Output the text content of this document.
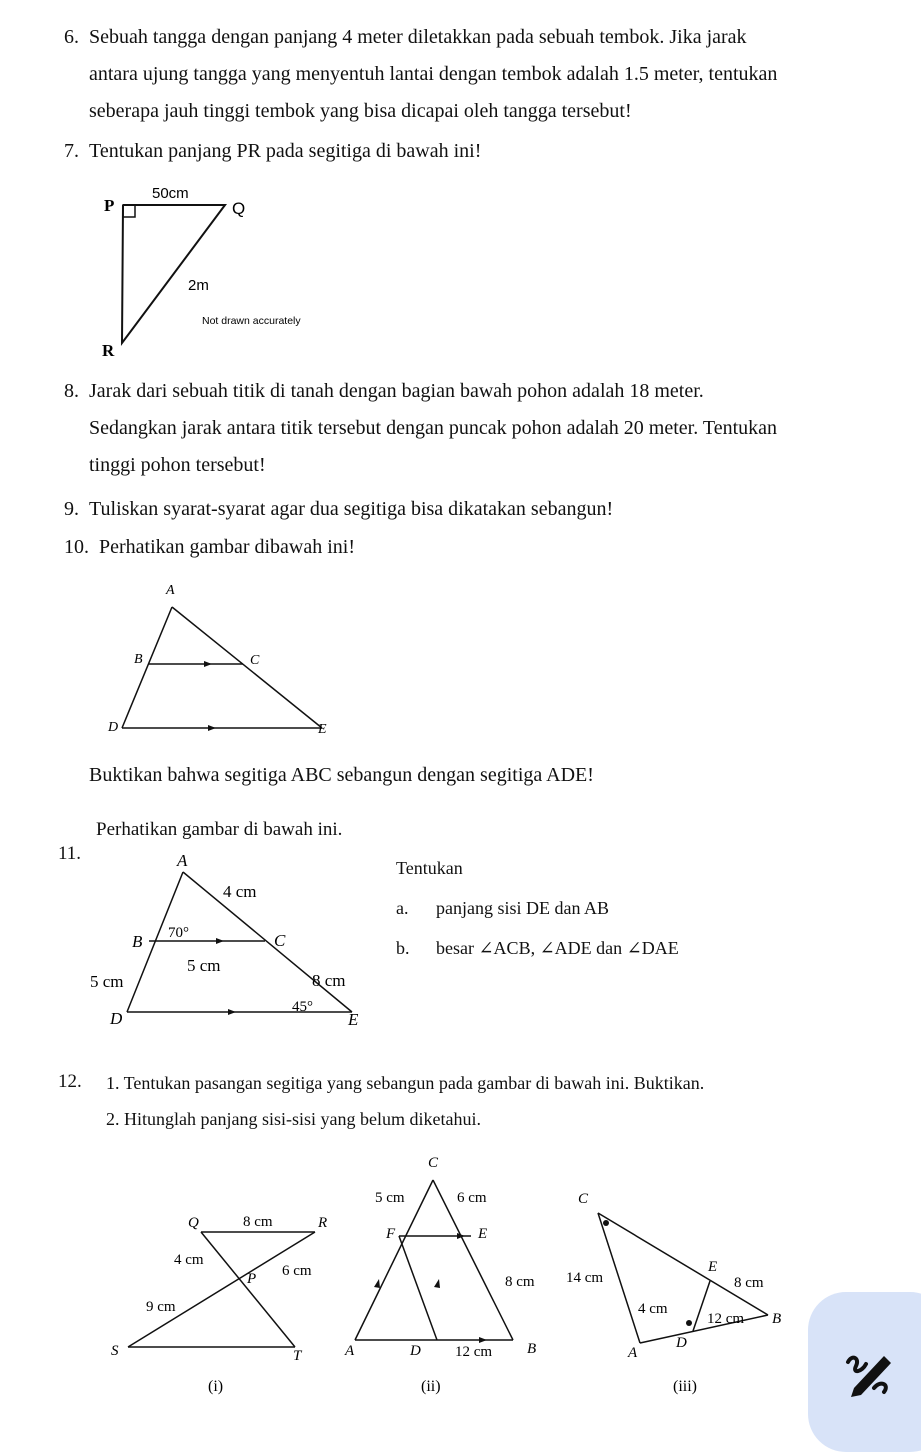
6. Sebuah tangga dengan panjang 4 meter diletakkan pada sebuah tembok. Jika jarak
antara ujung tangga yang menyentuh lantai dengan tembok adalah 1.5 meter, tentukan
seberapa jauh tinggi tembok yang bisa dicapai oleh tangga tersebut!
7. Tentukan panjang PR pada segitiga di bawah ini!
P	Q
R
50cm
2m
Not drawn accurately
8. Jarak dari sebuah titik di tanah dengan bagian bawah pohon adalah 18 meter.
Sedangkan jarak antara titik tersebut dengan puncak pohon adalah 20 meter. Tentukan
tinggi pohon tersebut!
9. Tuliskan syarat-syarat agar dua segitiga bisa dikatakan sebangun!
10. Perhatikan gambar dibawah ini!
A
B	C
D	E
Buktikan bahwa segitiga ABC sebangun dengan segitiga ADE!
Perhatikan gambar di bawah ini.
11.	A
B	C
D	E
4 cm
70°
5 cm
5 cm	8 cm
45°
Tentukan
a. panjang sisi DE dan AB
b. besar ∠ACB, ∠ADE dan ∠DAE
12. 1. Tentukan pasangan segitiga yang sebangun pada gambar di bawah ini. Buktikan.
2. Hitunglah panjang sisi-sisi yang belum diketahui.
Q	R
P
S	T
8 cm
4 cm
6 cm
9 cm
(i)
C
F	E
A	D	B
5 cm	6 cm
8 cm
12 cm
(ii)
C
E
B
A
D
14 cm	8 cm
4 cm
12 cm
(iii)
